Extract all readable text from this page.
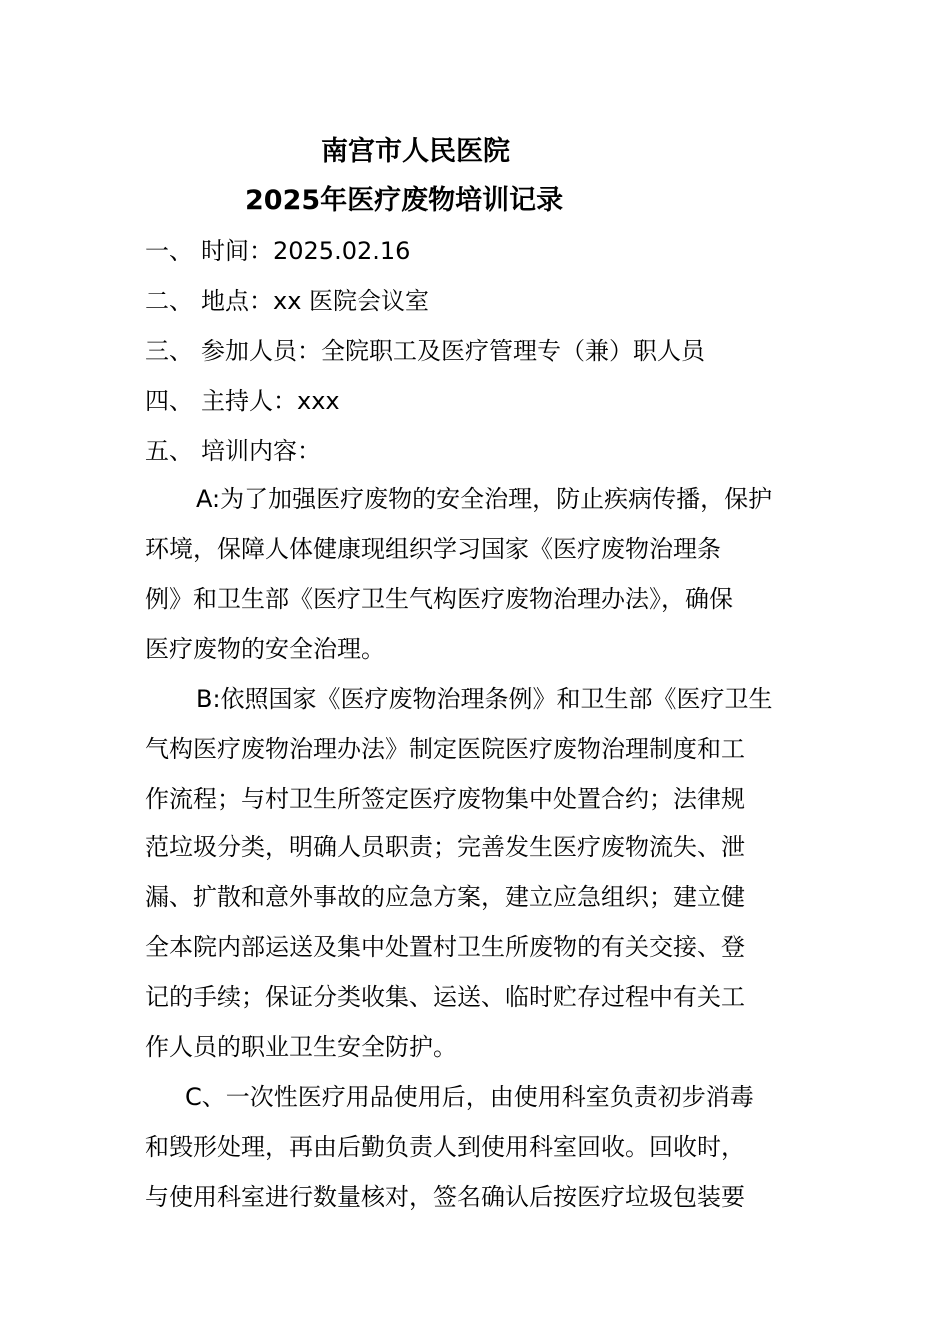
南宫市人民医院
2025年医疗废物培训记录
一、 时间：2025.02.16
二、 地点：xx 医院会议室
三、 参加人员：全院职工及医疗管理专（兼）职人员
四、 主持人：xxx
五、 培训内容：
A:为了加强医疗废物的安全治理，防止疾病传播，保护
环境，保障人体健康现组织学习国家《医疗废物治理条
例》和卫生部《医疗卫生气构医疗废物治理办法》，确保
医疗废物的安全治理。
B:依照国家《医疗废物治理条例》和卫生部《医疗卫生
气构医疗废物治理办法》制定医院医疗废物治理制度和工
作流程；与村卫生所签定医疗废物集中处置合约；法律规
范垃圾分类，明确人员职责；完善发生医疗废物流失、泄
漏、扩散和意外事故的应急方案，建立应急组织；建立健
全本院内部运送及集中处置村卫生所废物的有关交接、登
记的手续；保证分类收集、运送、临时贮存过程中有关工
作人员的职业卫生安全防护。
C、一次性医疗用品使用后，由使用科室负责初步消毒
和毁形处理，再由后勤负责人到使用科室回收。回收时，
与使用科室进行数量核对，签名确认后按医疗垃圾包装要
